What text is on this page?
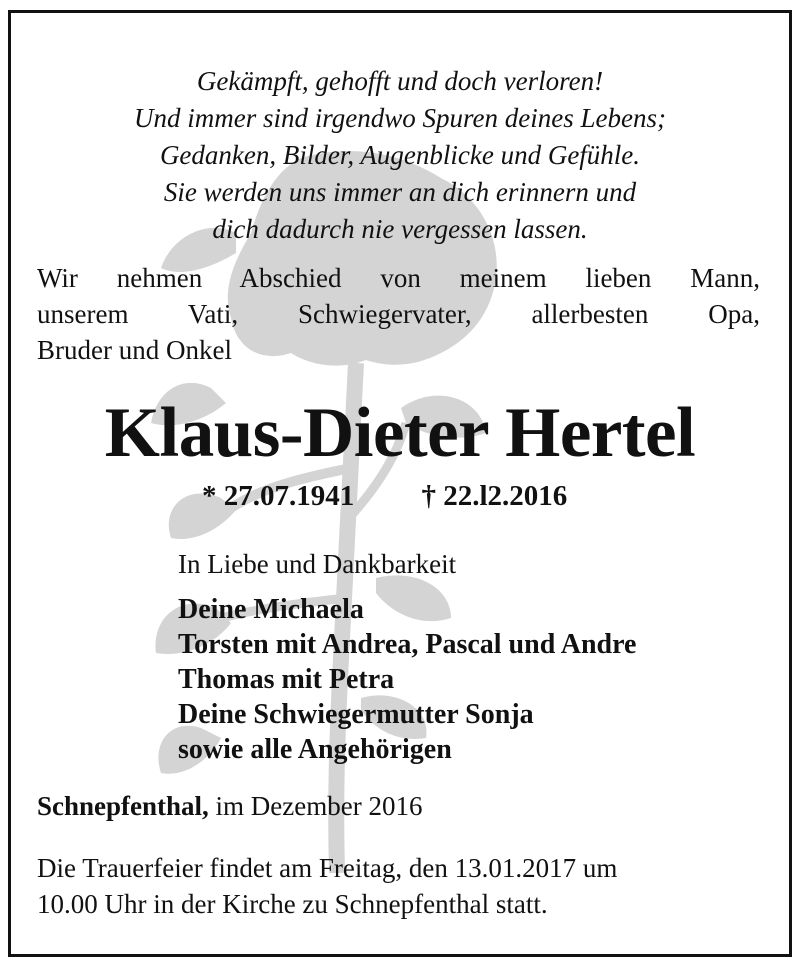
Gekämpft, gehofft und doch verloren!
Und immer sind irgendwo Spuren deines Lebens;
Gedanken, Bilder, Augenblicke und Gefühle.
Sie werden uns immer an dich erinnern und
dich dadurch nie vergessen lassen.
Wir nehmen Abschied von meinem lieben Mann,
unserem Vati, Schwiegervater, allerbesten Opa,
Bruder und Onkel
Klaus-Dieter Hertel
* 27.07.1941 † 22.l2.2016
In Liebe und Dankbarkeit
Deine Michaela
Torsten mit Andrea, Pascal und Andre
Thomas mit Petra
Deine Schwiegermutter Sonja
sowie alle Angehörigen
Schnepfenthal, im Dezember 2016
Die Trauerfeier findet am Freitag, den 13.01.2017 um
10.00 Uhr in der Kirche zu Schnepfenthal statt.
